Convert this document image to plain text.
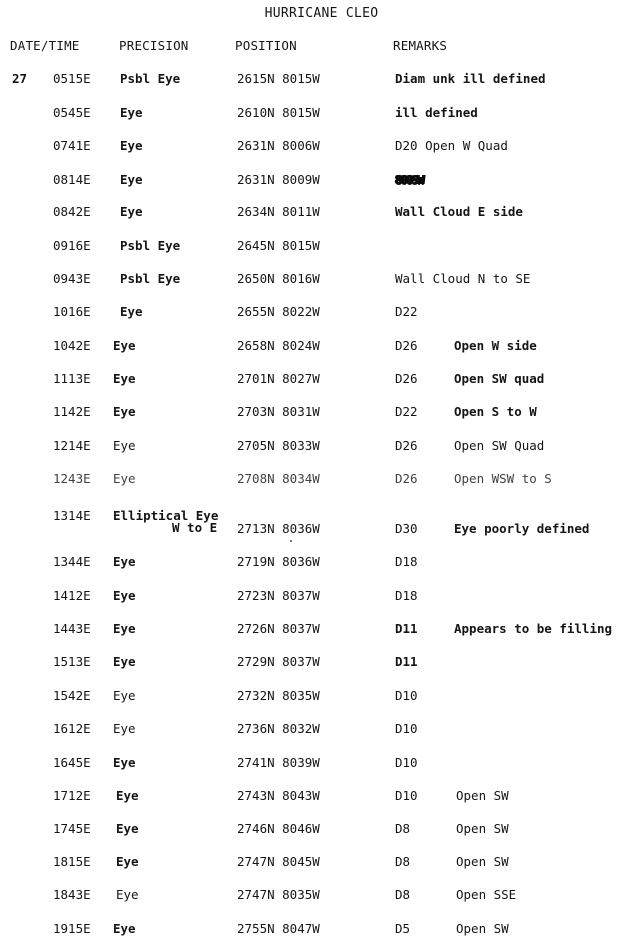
HURRICANE CLEO
DATE/TIME	PRECISION	POSITION	REMARKS
27 0515E Psbl Eye	2615N 8015W	Diam unk ill defined
0545E Eye	2610N 8015W	ill defined
0741E Eye	2631N 8006W	D20 Open W Quad
0814E Eye	2631N 8009W	8009W
0842E Eye	2634N 8011W	Wall Cloud E side
0916E Psbl Eye	2645N 8015W
0943E Psbl Eye	2650N 8016W	Wall Cloud N to SE
1016E Eye	2655N 8022W	D22
1042E Eye	2658N 8024W	D26	Open W side
1113E Eye	2701N 8027W	D26	Open SW quad
1142E Eye	2703N 8031W	D22	Open S to W
1214E Eye	2705N 8033W	D26	Open SW Quad
1243E Eye	2708N 8034W	D26	Open WSW to S
1314E Elliptical Eye
W to E 2713N 8036W	D30	Eye poorly defined
1344E Eye	2719N 8036W	D18
1412E Eye	2723N 8037W	D18
1443E Eye	2726N 8037W	D11	Appears to be filling
1513E Eye	2729N 8037W	D11
1542E Eye	2732N 8035W	D10
1612E Eye	2736N 8032W	D10
1645E Eye	2741N 8039W	D10
1712E Eye	2743N 8043W	D10	Open SW
1745E Eye	2746N 8046W	D8	Open SW
1815E Eye	2747N 8045W	D8	Open SW
1843E Eye	2747N 8035W	D8	Open SSE
1915E Eye	2755N 8047W	D5	Open SW
